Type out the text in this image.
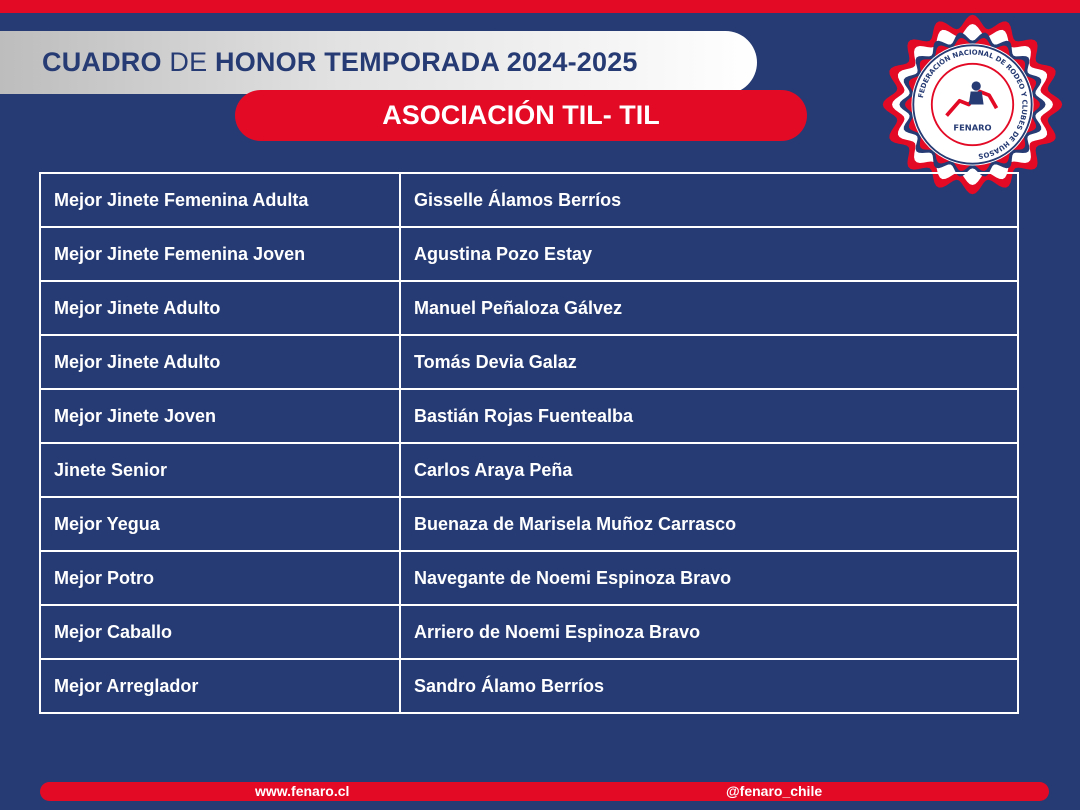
CUADRO
DE
HONOR TEMPORADA 2024-2025
ASOCIACIÓN TIL- TIL
FEDERACIÓN NACIONAL DE RODEO Y CLUBES DE HUASOS
FENARO
Mejor Jinete Femenina Adulta	Gisselle Álamos Berríos
Mejor Jinete Femenina Joven	Agustina Pozo Estay
Mejor Jinete Adulto	Manuel Peñaloza Gálvez
Mejor Jinete Adulto	Tomás Devia Galaz
Mejor Jinete Joven	Bastián Rojas Fuentealba
Jinete Senior	Carlos Araya Peña
Mejor Yegua	Buenaza de Marisela Muñoz Carrasco
Mejor Potro	Navegante de Noemi Espinoza Bravo
Mejor Caballo	Arriero de Noemi Espinoza Bravo
Mejor Arreglador	Sandro Álamo Berríos
www.fenaro.cl	@fenaro_chile
